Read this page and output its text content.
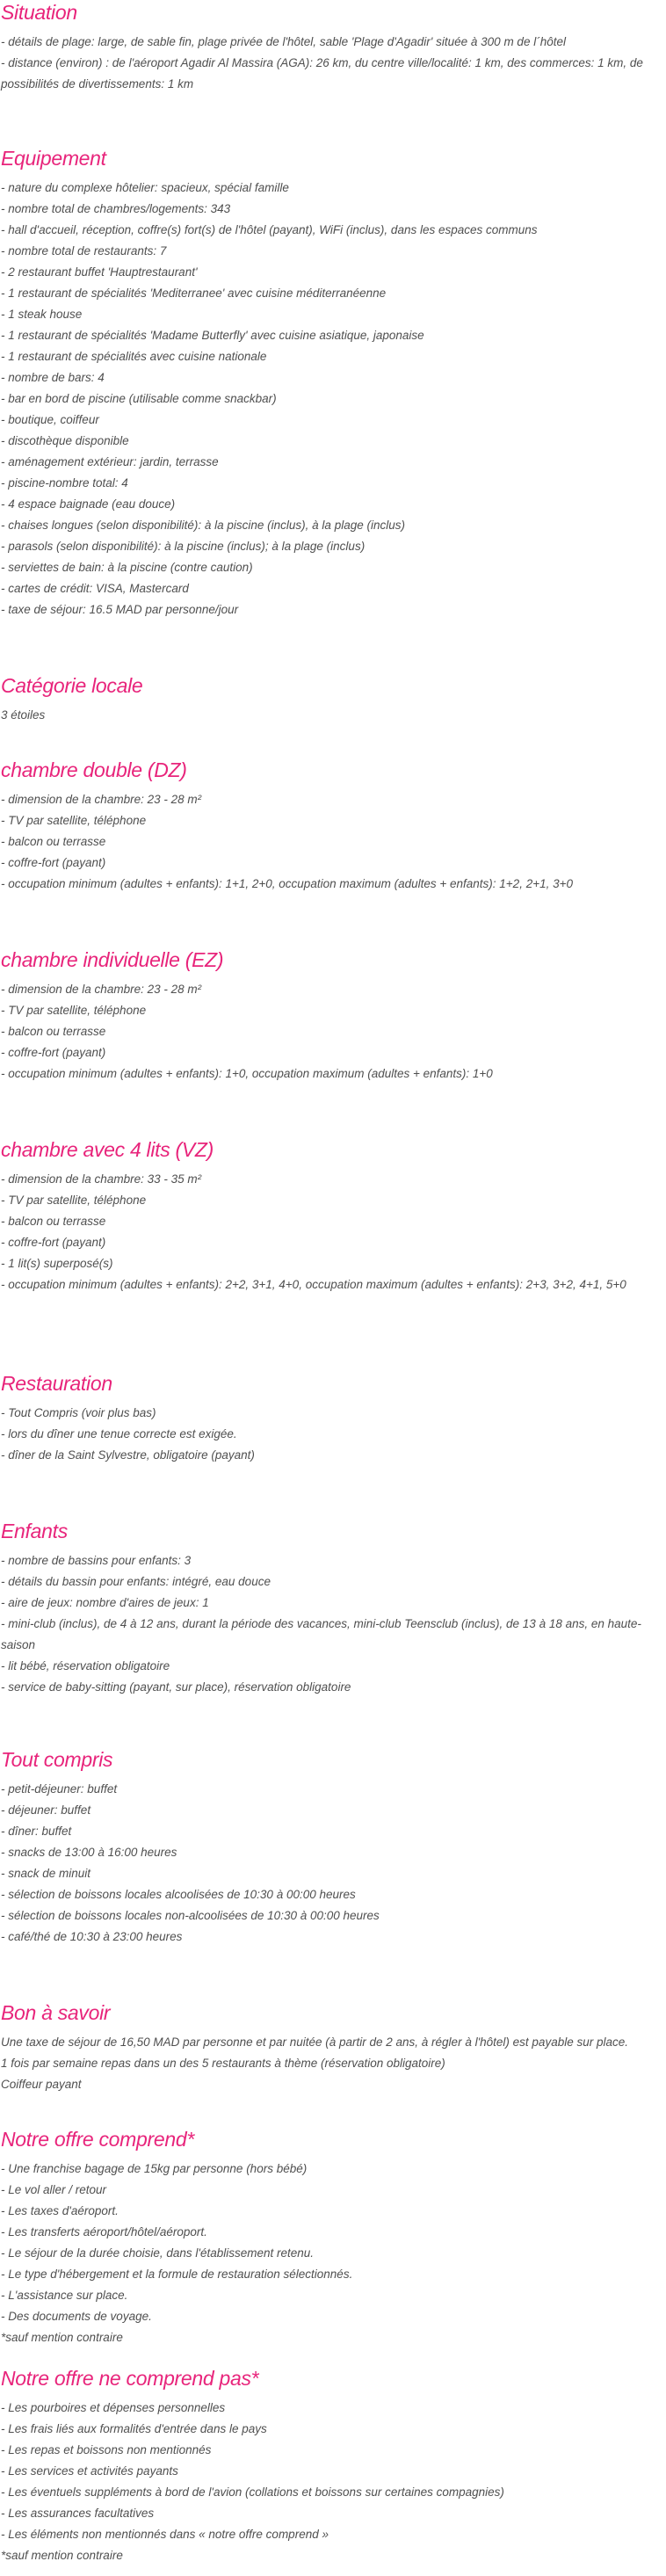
Situation
- détails de plage: large, de sable fin, plage privée de l'hôtel, sable 'Plage d'Agadir' située à 300 m de l´hôtel
- distance (environ) : de l'aéroport Agadir Al Massira (AGA): 26 km, du centre ville/localité: 1 km, des commerces: 1 km, de possibilités de divertissements: 1 km
Equipement
- nature du complexe hôtelier: spacieux, spécial famille
- nombre total de chambres/logements: 343
- hall d'accueil, réception, coffre(s) fort(s) de l'hôtel (payant), WiFi (inclus), dans les espaces communs
- nombre total de restaurants: 7
- 2 restaurant buffet 'Hauptrestaurant'
- 1 restaurant de spécialités 'Mediterranee' avec cuisine méditerranéenne
- 1 steak house
- 1 restaurant de spécialités 'Madame Butterfly' avec cuisine asiatique, japonaise
- 1 restaurant de spécialités avec cuisine nationale
- nombre de bars: 4
- bar en bord de piscine (utilisable comme snackbar)
- boutique, coiffeur
- discothèque disponible
- aménagement extérieur: jardin, terrasse
- piscine-nombre total: 4
- 4 espace baignade (eau douce)
- chaises longues (selon disponibilité): à la piscine (inclus), à la plage (inclus)
- parasols (selon disponibilité): à la piscine (inclus); à la plage (inclus)
- serviettes de bain: à la piscine (contre caution)
- cartes de crédit: VISA, Mastercard
- taxe de séjour: 16.5 MAD par personne/jour
Catégorie locale
3 étoiles
chambre double (DZ)
- dimension de la chambre: 23 - 28 m²
- TV par satellite, téléphone
- balcon ou terrasse
- coffre-fort (payant)
- occupation minimum (adultes + enfants): 1+1, 2+0, occupation maximum (adultes + enfants): 1+2, 2+1, 3+0
chambre individuelle (EZ)
- dimension de la chambre: 23 - 28 m²
- TV par satellite, téléphone
- balcon ou terrasse
- coffre-fort (payant)
- occupation minimum (adultes + enfants): 1+0, occupation maximum (adultes + enfants): 1+0
chambre avec 4 lits (VZ)
- dimension de la chambre: 33 - 35 m²
- TV par satellite, téléphone
- balcon ou terrasse
- coffre-fort (payant)
- 1 lit(s) superposé(s)
- occupation minimum (adultes + enfants): 2+2, 3+1, 4+0, occupation maximum (adultes + enfants): 2+3, 3+2, 4+1, 5+0
Restauration
- Tout Compris (voir plus bas)
- lors du dîner une tenue correcte est exigée.
- dîner de la Saint Sylvestre, obligatoire (payant)
Enfants
- nombre de bassins pour enfants: 3
- détails du bassin pour enfants: intégré, eau douce
- aire de jeux: nombre d'aires de jeux: 1
- mini-club (inclus), de 4 à 12 ans, durant la période des vacances, mini-club Teensclub (inclus), de 13 à 18 ans, en haute-saison
- lit bébé, réservation obligatoire
- service de baby-sitting (payant, sur place), réservation obligatoire
Tout compris
- petit-déjeuner: buffet
- déjeuner: buffet
- dîner: buffet
- snacks de 13:00 à 16:00 heures
- snack de minuit
- sélection de boissons locales alcoolisées de 10:30 à 00:00 heures
- sélection de boissons locales non-alcoolisées de 10:30 à 00:00 heures
- café/thé de 10:30 à 23:00 heures
Bon à savoir
Une taxe de séjour de 16,50 MAD par personne et par nuitée (à partir de 2 ans, à régler à l'hôtel) est payable sur place.
1 fois par semaine repas dans un des 5 restaurants à thème (réservation obligatoire)
Coiffeur payant
Notre offre comprend*
- Une franchise bagage de 15kg par personne (hors bébé)
- Le vol aller / retour
- Les taxes d'aéroport.
- Les transferts aéroport/hôtel/aéroport.
- Le séjour de la durée choisie, dans l'établissement retenu.
- Le type d'hébergement et la formule de restauration sélectionnés.
- L'assistance sur place.
- Des documents de voyage.
*sauf mention contraire
Notre offre ne comprend pas*
- Les pourboires et dépenses personnelles
- Les frais liés aux formalités d'entrée dans le pays
- Les repas et boissons non mentionnés
- Les services et activités payants
- Les éventuels suppléments à bord de l'avion (collations et boissons sur certaines compagnies)
- Les assurances facultatives
- Les éléments non mentionnés dans « notre offre comprend »
*sauf mention contraire
